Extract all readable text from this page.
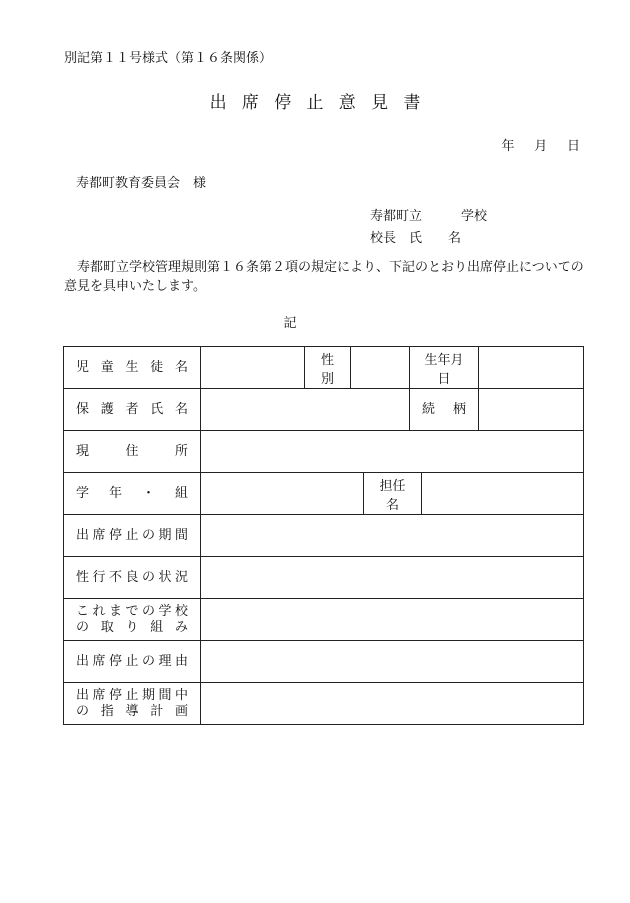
別記第１１号様式（第１６条関係）
出席停止意見書
年 月 日
寿都町教育委員会　様
寿都町立　　　学校
校長　氏　　名
寿都町立学校管理規則第１６条第２項の規定により、下記のとおり出席停止についての意見を具申いたします。
記
児童生徒名		性別			生年月日		
保護者氏名					続柄		
現住所							
学年・組				担任名			
出席停止の期間							
性行不良の状況							

これまでの学校
の取り組み							

出席停止の理由							

出席停止期間中
の指導計画							
